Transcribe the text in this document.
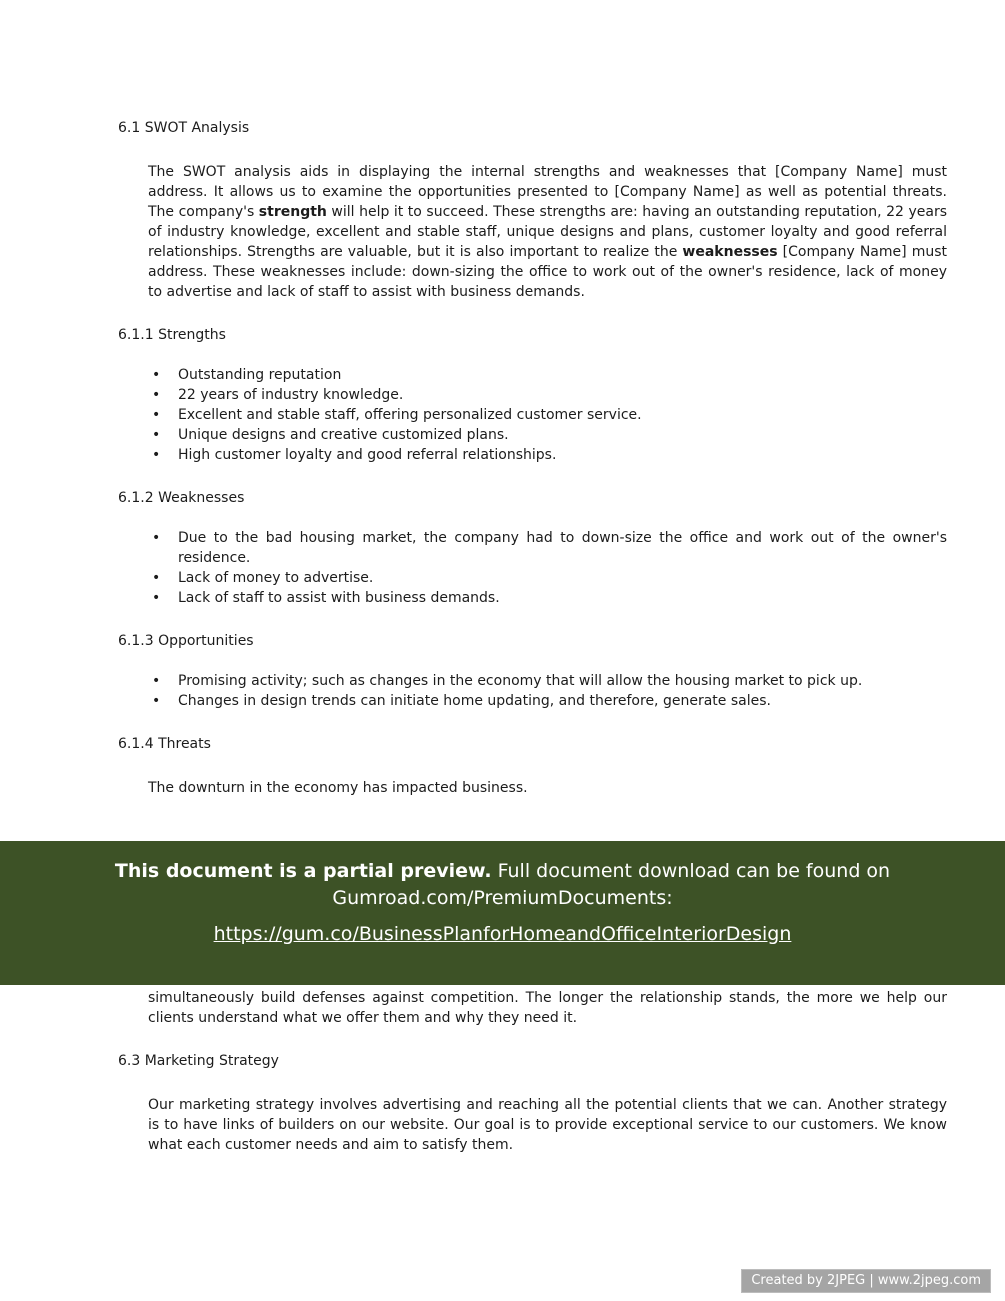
6.1 SWOT Analysis

The SWOT analysis aids in displaying the internal strengths and weaknesses that [Company Name] must address. It allows us to examine the opportunities presented to [Company Name] as well as potential threats. The company's strength will help it to succeed. These strengths are: having an outstanding reputation, 22 years of industry knowledge, excellent and stable staff, unique designs and plans, customer loyalty and good referral relationships. Strengths are valuable, but it is also important to realize the weaknesses [Company Name] must address. These weaknesses include: down-sizing the office to work out of the owner's residence, lack of money to advertise and lack of staff to assist with business demands.

6.1.1 Strengths

• Outstanding reputation
• 22 years of industry knowledge.
• Excellent and stable staff, offering personalized customer service.
• Unique designs and creative customized plans.
• High customer loyalty and good referral relationships.

6.1.2 Weaknesses

• Due to the bad housing market, the company had to down-size the office and work out of the owner's residence.
• Lack of money to advertise.
• Lack of staff to assist with business demands.

6.1.3 Opportunities

• Promising activity; such as changes in the economy that will allow the housing market to pick up.
• Changes in design trends can initiate home updating, and therefore, generate sales.

6.1.4 Threats

The downturn in the economy has impacted business.

This document is a partial preview. Full document download can be found on Gumroad.com/PremiumDocuments:
https://gum.co/BusinessPlanforHomeandOfficeInteriorDesign

simultaneously build defenses against competition. The longer the relationship stands, the more we help our clients understand what we offer them and why they need it.

6.3 Marketing Strategy

Our marketing strategy involves advertising and reaching all the potential clients that we can. Another strategy is to have links of builders on our website. Our goal is to provide exceptional service to our customers. We know what each customer needs and aim to satisfy them.

Created by 2JPEG | www.2jpeg.com
